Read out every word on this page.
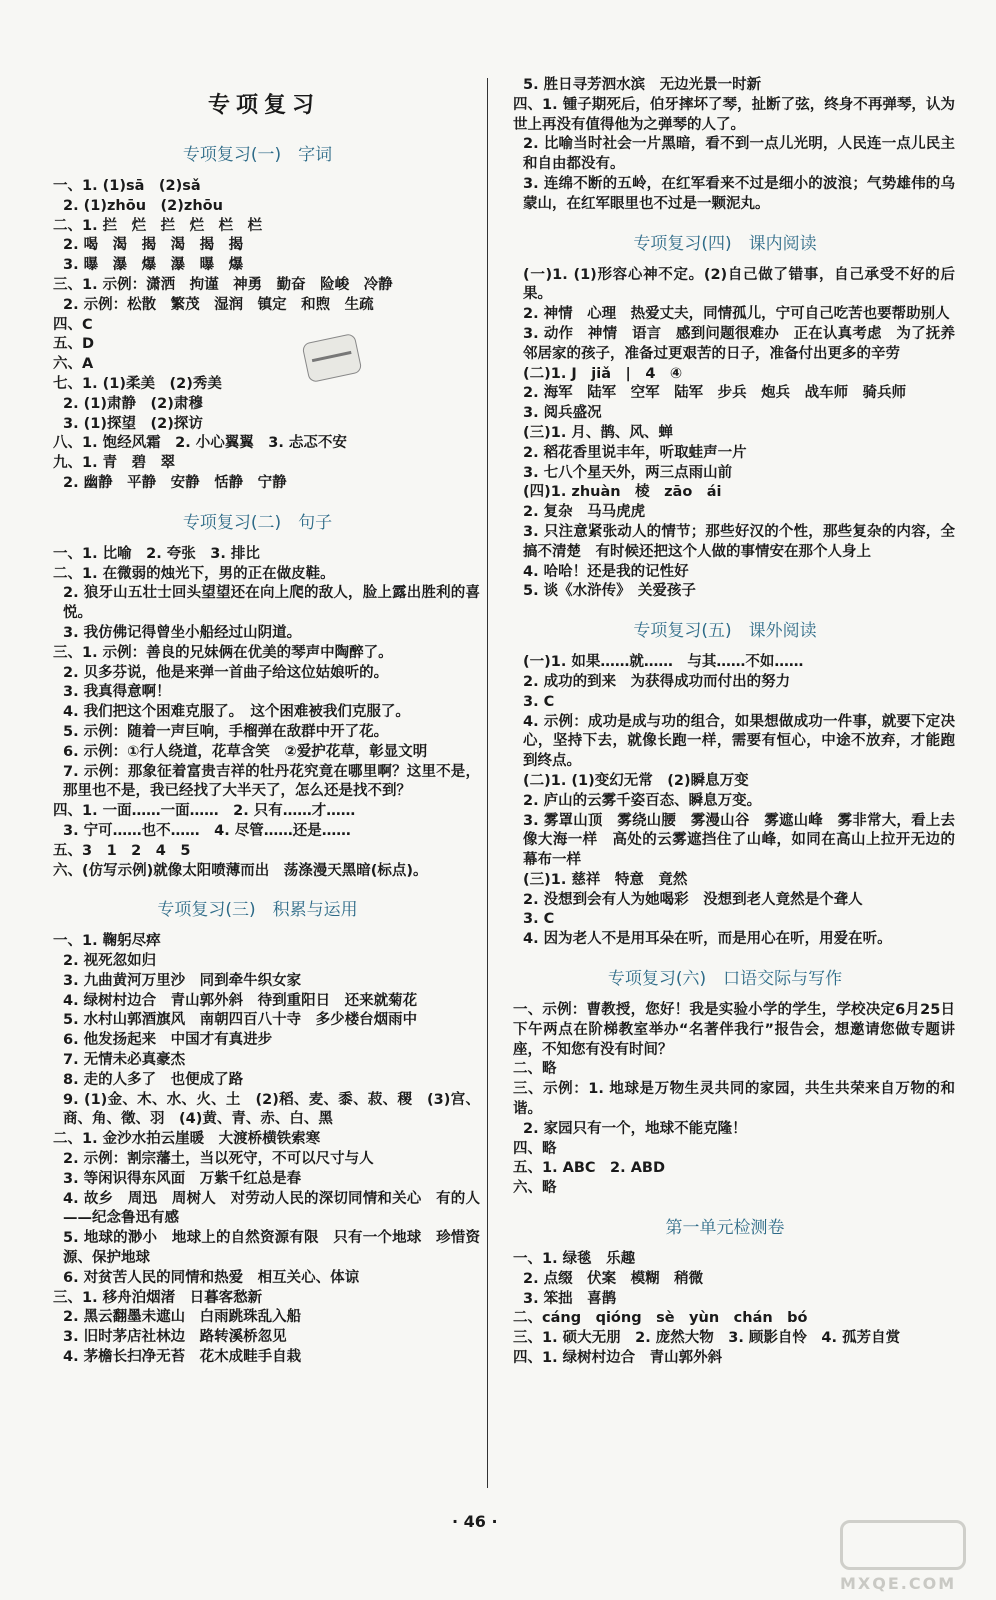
专项复习
专项复习(一)　字词
一、1. (1)sā　(2)sǎ
2. (1)zhōu　(2)zhōu
二、1. 拦　烂　拦　烂　栏　栏
2. 喝　渴　揭　渴　揭　揭
3. 曝　瀑　爆　瀑　曝　爆
三、1. 示例：潇洒　拘谨　神勇　勤奋　险峻　冷静
2. 示例：松散　繁茂　湿润　镇定　和煦　生疏
四、C
五、D
六、A
七、1. (1)柔美　(2)秀美
2. (1)肃静　(2)肃穆
3. (1)探望　(2)探访
八、1. 饱经风霜　2. 小心翼翼　3. 忐忑不安
九、1. 青　碧　翠
2. 幽静　平静　安静　恬静　宁静
专项复习(二)　句子
一、1. 比喻　2. 夸张　3. 排比
二、1. 在微弱的烛光下，男的正在做皮鞋。
2. 狼牙山五壮士回头望望还在向上爬的敌人，脸上露出胜利的喜悦。
3. 我仿佛记得曾坐小船经过山阴道。
三、1. 示例：善良的兄妹俩在优美的琴声中陶醉了。
2. 贝多芬说，他是来弹一首曲子给这位姑娘听的。
3. 我真得意啊！
4. 我们把这个困难克服了。　这个困难被我们克服了。
5. 示例：随着一声巨响，手榴弹在敌群中开了花。
6. 示例：①行人绕道，花草含笑　②爱护花草，彰显文明
7. 示例：那象征着富贵吉祥的牡丹花究竟在哪里啊？这里不是，那里也不是，我已经找了大半天了，怎么还是找不到？
四、1. 一面……一面……　2. 只有……才……
3. 宁可……也不……　4. 尽管……还是……
五、3　1　2　4　5
六、(仿写示例)就像太阳喷薄而出　荡涤漫天黑暗(标点)。
专项复习(三)　积累与运用
一、1. 鞠躬尽瘁
2. 视死忽如归
3. 九曲黄河万里沙　同到牵牛织女家
4. 绿树村边合　青山郭外斜　待到重阳日　还来就菊花
5. 水村山郭酒旗风　南朝四百八十寺　多少楼台烟雨中
6. 他发扬起来　中国才有真进步
7. 无情未必真豪杰
8. 走的人多了　也便成了路
9. (1)金、木、水、火、土　(2)稻、麦、黍、菽、稷　(3)宫、商、角、徵、羽　(4)黄、青、赤、白、黑
二、1. 金沙水拍云崖暖　大渡桥横铁索寒
2. 示例：割宗藩土，当以死守，不可以尺寸与人
3. 等闲识得东风面　万紫千红总是春
4. 故乡　周迅　周树人　对劳动人民的深切同情和关心　有的人——纪念鲁迅有感
5. 地球的渺小　地球上的自然资源有限　只有一个地球　珍惜资源、保护地球
6. 对贫苦人民的同情和热爱　相互关心、体谅
三、1. 移舟泊烟渚　日暮客愁新
2. 黑云翻墨未遮山　白雨跳珠乱入船
3. 旧时茅店社林边　路转溪桥忽见
4. 茅檐长扫净无苔　花木成畦手自栽
5. 胜日寻芳泗水滨　无边光景一时新
四、1. 锺子期死后，伯牙摔坏了琴，扯断了弦，终身不再弹琴，认为世上再没有值得他为之弹琴的人了。
2. 比喻当时社会一片黑暗，看不到一点儿光明，人民连一点儿民主和自由都没有。
3. 连绵不断的五岭，在红军看来不过是细小的波浪；气势雄伟的乌蒙山，在红军眼里也不过是一颗泥丸。
专项复习(四)　课内阅读
(一)1. (1)形容心神不定。(2)自己做了错事，自己承受不好的后果。
2. 神情　心理　热爱丈夫，同情孤儿，宁可自己吃苦也要帮助别人
3. 动作　神情　语言　感到问题很难办　正在认真考虑　为了抚养邻居家的孩子，准备过更艰苦的日子，准备付出更多的辛劳
(二)1. J　jiǎ　|　4　④
2. 海军　陆军　空军　陆军　步兵　炮兵　战车师　骑兵师
3. 阅兵盛况
(三)1. 月、鹊、风、蝉
2. 稻花香里说丰年，听取蛙声一片
3. 七八个星天外，两三点雨山前
(四)1. zhuàn　棱　zāo　ái
2. 复杂　马马虎虎
3. 只注意紧张动人的情节；那些好汉的个性，那些复杂的内容，全搞不清楚　有时候还把这个人做的事情安在那个人身上
4. 哈哈！还是我的记性好
5. 谈《水浒传》　关爱孩子
专项复习(五)　课外阅读
(一)1. 如果……就……　与其……不如……
2. 成功的到来　为获得成功而付出的努力
3. C
4. 示例：成功是成与功的组合，如果想做成功一件事，就要下定决心，坚持下去，就像长跑一样，需要有恒心，中途不放弃，才能跑到终点。
(二)1. (1)变幻无常　(2)瞬息万变
2. 庐山的云雾千姿百态、瞬息万变。
3. 雾罩山顶　雾绕山腰　雾漫山谷　雾遮山峰　雾非常大，看上去像大海一样　高处的云雾遮挡住了山峰，如同在高山上拉开无边的幕布一样
(三)1. 慈祥　特意　竟然
2. 没想到会有人为她喝彩　没想到老人竟然是个聋人
3. C
4. 因为老人不是用耳朵在听，而是用心在听，用爱在听。
专项复习(六)　口语交际与写作
一、示例：曹教授，您好！我是实验小学的学生，学校决定6月25日下午两点在阶梯教室举办“名著伴我行”报告会，想邀请您做专题讲座，不知您有没有时间？
二、略
三、示例：1. 地球是万物生灵共同的家园，共生共荣来自万物的和谐。
2. 家园只有一个，地球不能克隆！
四、略
五、1. ABC　2. ABD
六、略
第一单元检测卷
一、1. 绿毯　乐趣
2. 点缀　伏案　模糊　稍微
3. 笨拙　喜鹊
二、cáng　qióng　sè　yùn　chán　bó
三、1. 硕大无朋　2. 庞然大物　3. 顾影自怜　4. 孤芳自赏
四、1. 绿树村边合　青山郭外斜
· 46 ·
MXQE.COM
